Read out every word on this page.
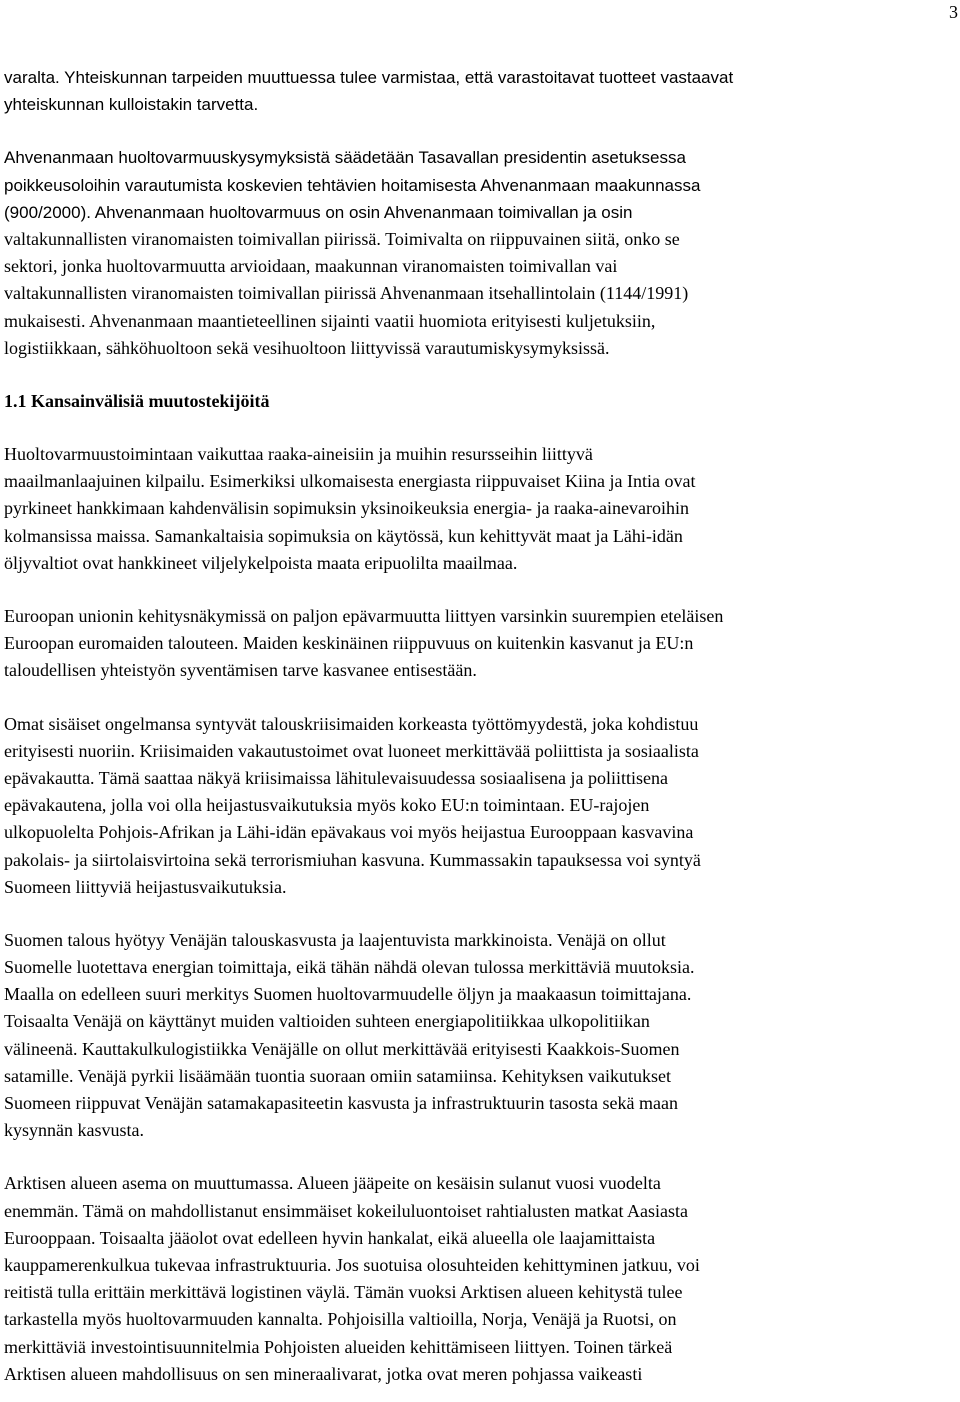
3
varalta. Yhteiskunnan tarpeiden muuttuessa tulee varmistaa, että varastoitavat tuotteet vastaavat
yhteiskunnan kulloistakin tarvetta.
Ahvenanmaan huoltovarmuuskysymyksistä säädetään Tasavallan presidentin asetuksessa
poikkeusoloihin varautumista koskevien tehtävien hoitamisesta Ahvenanmaan maakunnassa
(900/2000). Ahvenanmaan huoltovarmuus on osin Ahvenanmaan toimivallan ja osin
valtakunnallisten viranomaisten toimivallan piirissä. Toimivalta on riippuvainen siitä, onko se
sektori, jonka huoltovarmuutta arvioidaan, maakunnan viranomaisten toimivallan vai
valtakunnallisten viranomaisten toimivallan piirissä Ahvenanmaan itsehallintolain (1144/1991)
mukaisesti. Ahvenanmaan maantieteellinen sijainti vaatii huomiota erityisesti kuljetuksiin,
logistiikkaan, sähköhuoltoon sekä vesihuoltoon liittyvissä varautumiskysymyksissä.
1.1 Kansainvälisiä muutostekijöitä
Huoltovarmuustoimintaan vaikuttaa raaka-aineisiin ja muihin resursseihin liittyvä
maailmanlaajuinen kilpailu. Esimerkiksi ulkomaisesta energiasta riippuvaiset Kiina ja Intia ovat
pyrkineet hankkimaan kahdenvälisin sopimuksin yksinoikeuksia energia- ja raaka-ainevaroihin
kolmansissa maissa. Samankaltaisia sopimuksia on käytössä, kun kehittyvät maat ja Lähi-idän
öljyvaltiot ovat hankkineet viljelykelpoista maata eripuolilta maailmaa.
Euroopan unionin kehitysnäkymissä on paljon epävarmuutta liittyen varsinkin suurempien eteläisen
Euroopan euromaiden talouteen. Maiden keskinäinen riippuvuus on kuitenkin kasvanut ja EU:n
taloudellisen yhteistyön syventämisen tarve kasvanee entisestään.
Omat sisäiset ongelmansa syntyvät talouskriisimaiden korkeasta työttömyydestä, joka kohdistuu
erityisesti nuoriin. Kriisimaiden vakautustoimet ovat luoneet merkittävää poliittista ja sosiaalista
epävakautta. Tämä saattaa näkyä kriisimaissa lähitulevaisuudessa sosiaalisena ja poliittisena
epävakautena, jolla voi olla heijastusvaikutuksia myös koko EU:n toimintaan. EU-rajojen
ulkopuolelta Pohjois-Afrikan ja Lähi-idän epävakaus voi myös heijastua Eurooppaan kasvavina
pakolais- ja siirtolaisvirtoina sekä terrorismiuhan kasvuna. Kummassakin tapauksessa voi syntyä
Suomeen liittyviä heijastusvaikutuksia.
Suomen talous hyötyy Venäjän talouskasvusta ja laajentuvista markkinoista. Venäjä on ollut
Suomelle luotettava energian toimittaja, eikä tähän nähdä olevan tulossa merkittäviä muutoksia.
Maalla on edelleen suuri merkitys Suomen huoltovarmuudelle öljyn ja maakaasun toimittajana.
Toisaalta Venäjä on käyttänyt muiden valtioiden suhteen energiapolitiikkaa ulkopolitiikan
välineenä. Kauttakulkulogistiikka Venäjälle on ollut merkittävää erityisesti Kaakkois-Suomen
satamille. Venäjä pyrkii lisäämään tuontia suoraan omiin satamiinsa. Kehityksen vaikutukset
Suomeen riippuvat Venäjän satamakapasiteetin kasvusta ja infrastruktuurin tasosta sekä maan
kysynnän kasvusta.
Arktisen alueen asema on muuttumassa. Alueen jääpeite on kesäisin sulanut vuosi vuodelta
enemmän. Tämä on mahdollistanut ensimmäiset kokeiluluontoiset rahtialusten matkat Aasiasta
Eurooppaan. Toisaalta jääolot ovat edelleen hyvin hankalat, eikä alueella ole laajamittaista
kauppamerenkulkua tukevaa infrastruktuuria. Jos suotuisa olosuhteiden kehittyminen jatkuu, voi
reitistä tulla erittäin merkittävä logistinen väylä. Tämän vuoksi Arktisen alueen kehitystä tulee
tarkastella myös huoltovarmuuden kannalta. Pohjoisilla valtioilla, Norja, Venäjä ja Ruotsi, on
merkittäviä investointisuunnitelmia Pohjoisten alueiden kehittämiseen liittyen. Toinen tärkeä
Arktisen alueen mahdollisuus on sen mineraalivarat, jotka ovat meren pohjassa vaikeasti
